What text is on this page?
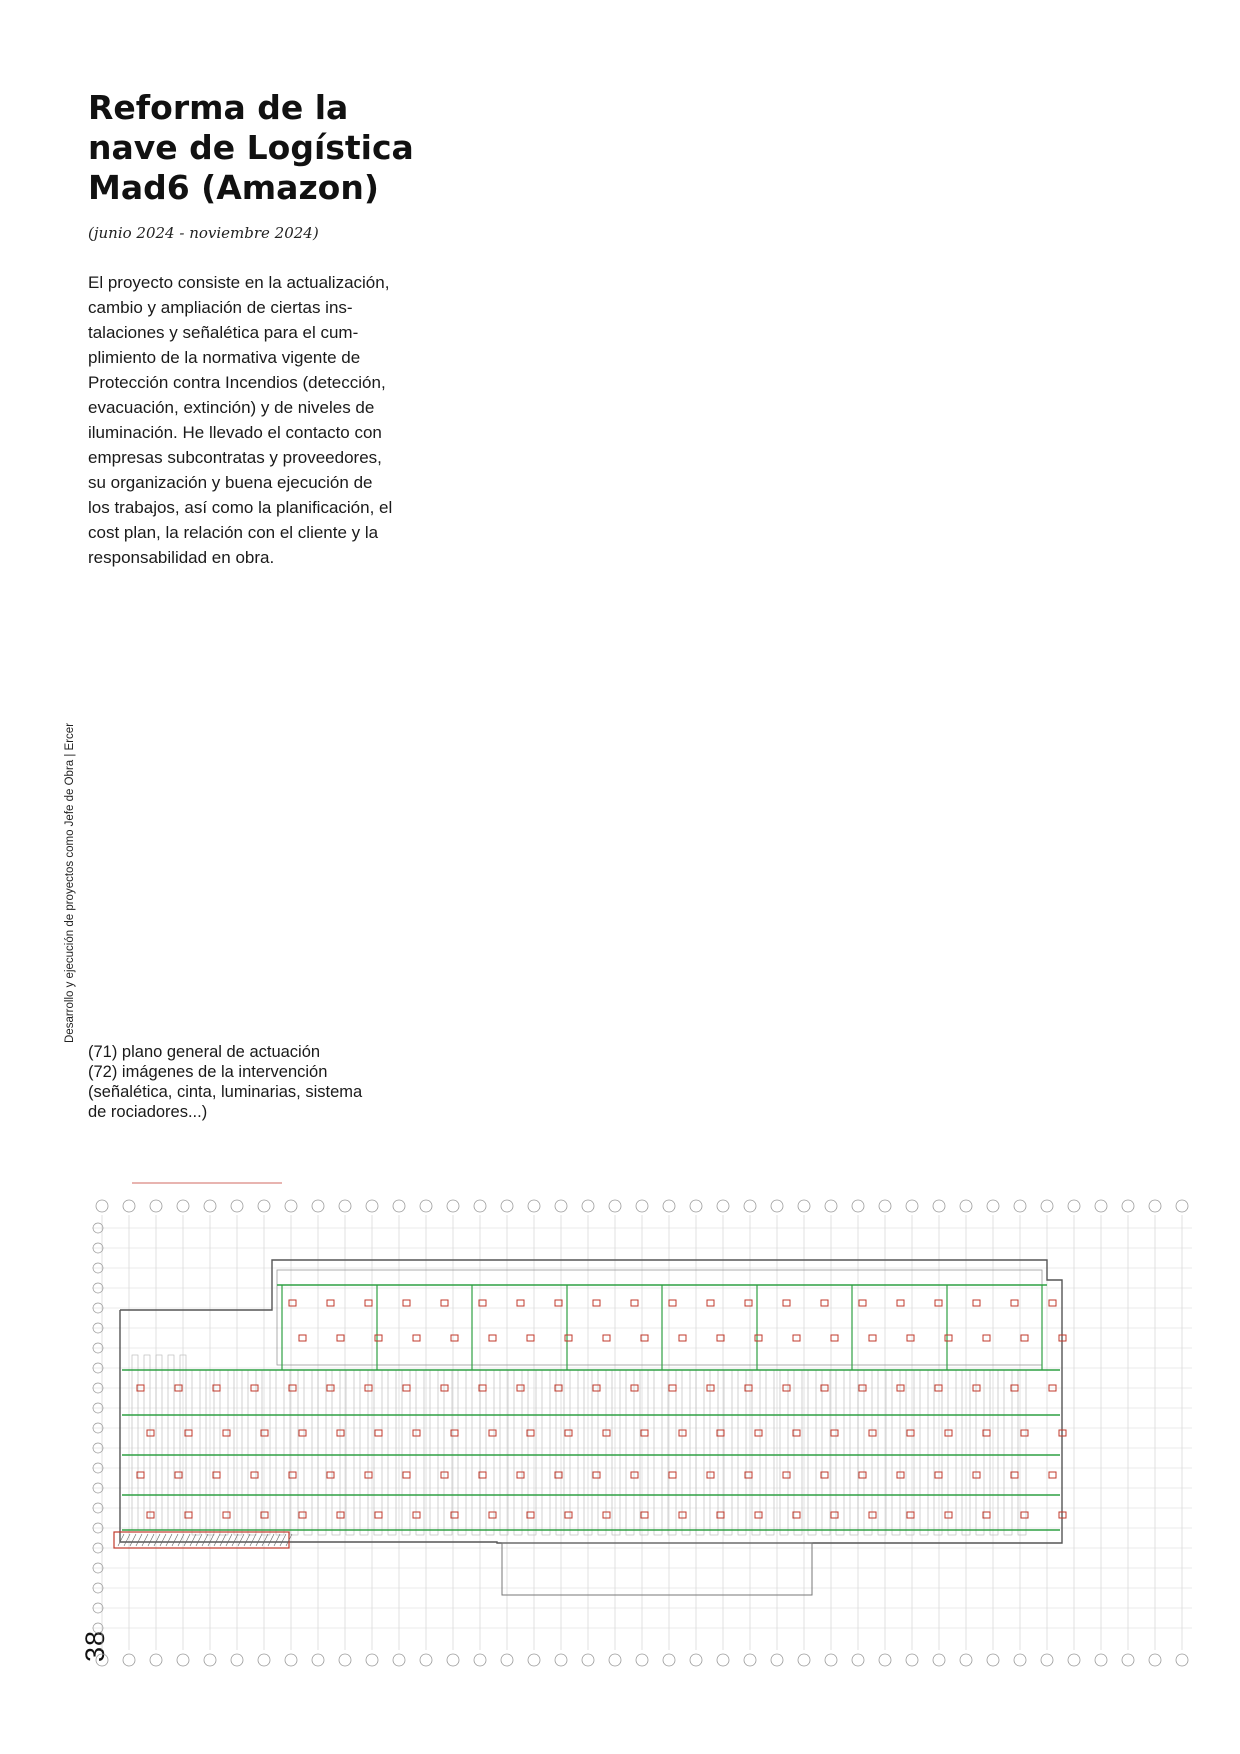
Reforma de la
nave de Logística
Mad6 (Amazon)
(junio 2024 - noviembre 2024)
El proyecto consiste en la actualización,
cambio y ampliación de ciertas ins-
talaciones y señalética para el cum-
plimiento de la normativa vigente de
Protección contra Incendios (detección,
evacuación, extinción) y de niveles de
iluminación. He llevado el contacto con
empresas subcontratas y proveedores,
su organización y buena ejecución de
los trabajos, así como la planificación, el
cost plan, la relación con el cliente y la
responsabilidad en obra.
(71) plano general de actuación
(72) imágenes de la intervención
(señalética, cinta, luminarias, sistema
de rociadores...)
Desarrollo y ejecución de proyectos como Jefe de Obra | Ercer
38
